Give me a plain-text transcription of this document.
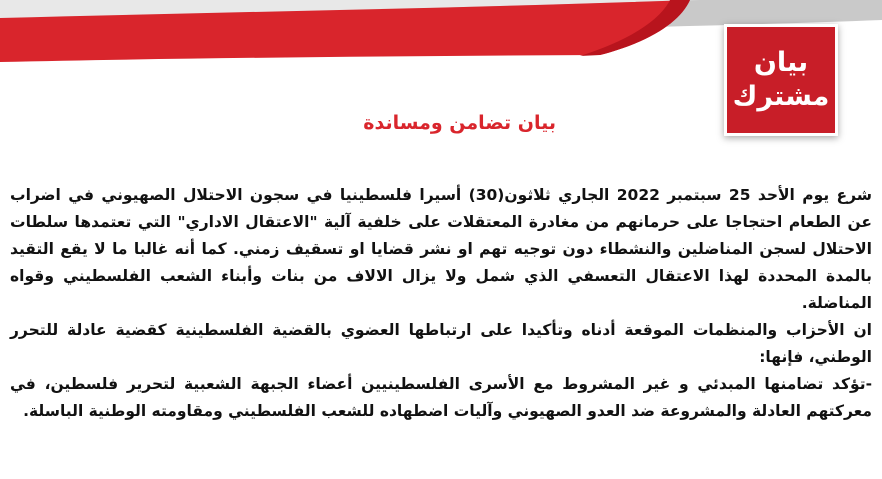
بيان
مشترك
بيان تضامن ومساندة

شرع يوم الأحد 25 سبتمبر 2022 الجاري ثلاثون(30) أسيرا فلسطينيا في سجون الاحتلال الصهيوني في اضراب عن الطعام احتجاجا على حرمانهم من مغادرة المعتقلات على خلفية آلية "الاعتقال الاداري" التي تعتمدها سلطات الاحتلال لسجن المناضلين والنشطاء دون توجيه تهم او نشر قضايا او تسقيف زمني. كما أنه غالبا ما لا يقع التقيد بالمدة المحددة لهذا الاعتقال التعسفي الذي شمل ولا يزال الالاف من بنات وأبناء الشعب الفلسطيني وقواه المناضلة.

ان الأحزاب والمنظمات الموقعة أدناه وتأكيدا على ارتباطها العضوي بالقضية الفلسطينية كقضية عادلة للتحرر الوطني، فإنها:

-تؤكد تضامنها المبدئي و غير المشروط مع الأسرى الفلسطينيين أعضاء الجبهة الشعبية لتحرير فلسطين، في معركتهم العادلة والمشروعة ضد العدو الصهيوني وآليات اضطهاده للشعب الفلسطيني ومقاومته الوطنية الباسلة.
